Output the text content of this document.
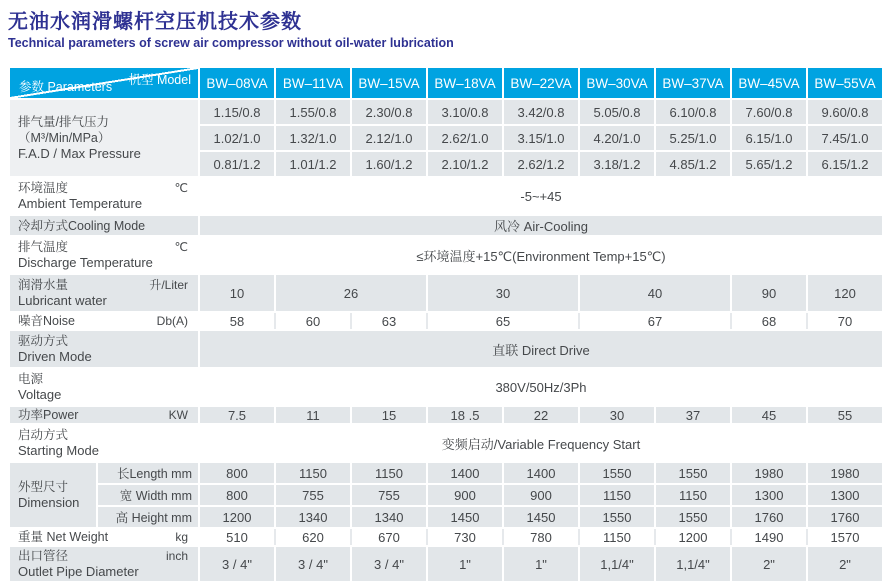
无油水润滑螺杆空压机技术参数
Technical parameters of screw air compressor without oil-water lubrication
机型 Model
参数 Parameters		BW–08VA	BW–11VA	BW–15VA	BW–18VA	BW–22VA	BW–30VA	BW–37VA	BW–45VA	BW–55VA

排气量/排气压力（M³/Min/MPa）
F.A.D / Max Pressure		1.15/0.8	1.55/0.8	2.30/0.8	3.10/0.8	3.42/0.8	5.05/0.8	6.10/0.8	7.60/0.8	9.60/0.8
		1.02/1.0	1.32/1.0	2.12/1.0	2.62/1.0	3.15/1.0	4.20/1.0	5.25/1.0	6.15/1.0	7.45/1.0
		0.81/1.2	1.01/1.2	1.60/1.2	2.10/1.2	2.62/1.2	3.18/1.2	4.85/1.2	5.65/1.2	6.15/1.2

环境温度 ℃
Ambient Temperature		-5~+45								

冷却方式Cooling Mode		风冷 Air-Cooling								

排气温度 ℃
Discharge Temperature		≤环境温度+15℃(Environment Temp+15℃)								

润滑水量 升/Liter
Lubricant water		10	26		30		40		90	120

噪音Noise Db(A)		58	60	63	65		67		68	70

驱动方式
Driven Mode		直联 Direct Drive								

电源
Voltage		380V/50Hz/3Ph								

功率Power KW		7.5	11	15	18 .5	22	30	37	45	55

启动方式
Starting Mode		变频启动/Variable Frequency Start								

外型尺寸
Dimension	长Length mm	800	1150	1150	1400	1400	1550	1550	1980	1980
	宽 Width mm	800	755	755	900	900	1150	1150	1300	1300
	高 Height mm	1200	1340	1340	1450	1450	1550	1550	1760	1760

重量 Net Weight kg		510	620	670	730	780	1150	1200	1490	1570

出口管径 inch
Outlet Pipe Diameter		3 / 4"	3 / 4"	3 / 4"	1"	1"	1,1/4"	1,1/4"	2"	2"
